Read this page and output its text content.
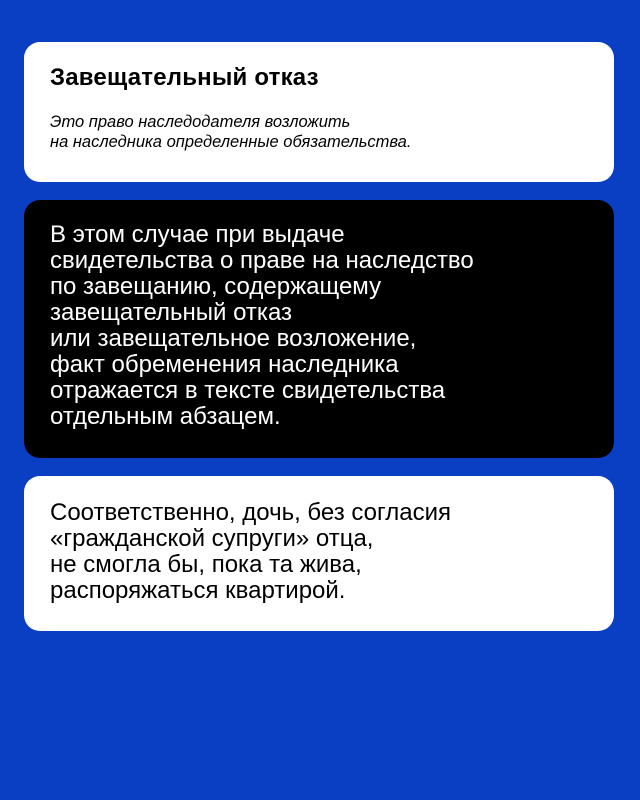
Завещательный отказ

Это право наследодателя возложить
на наследника определенные обязательства.

В этом случае при выдаче
свидетельства о праве на наследство
по завещанию, содержащему
завещательный отказ
или завещательное возложение,
факт обременения наследника
отражается в тексте свидетельства
отдельным абзацем.

Соответственно, дочь, без согласия
«гражданской супруги» отца,
не смогла бы, пока та жива,
распоряжаться квартирой.
